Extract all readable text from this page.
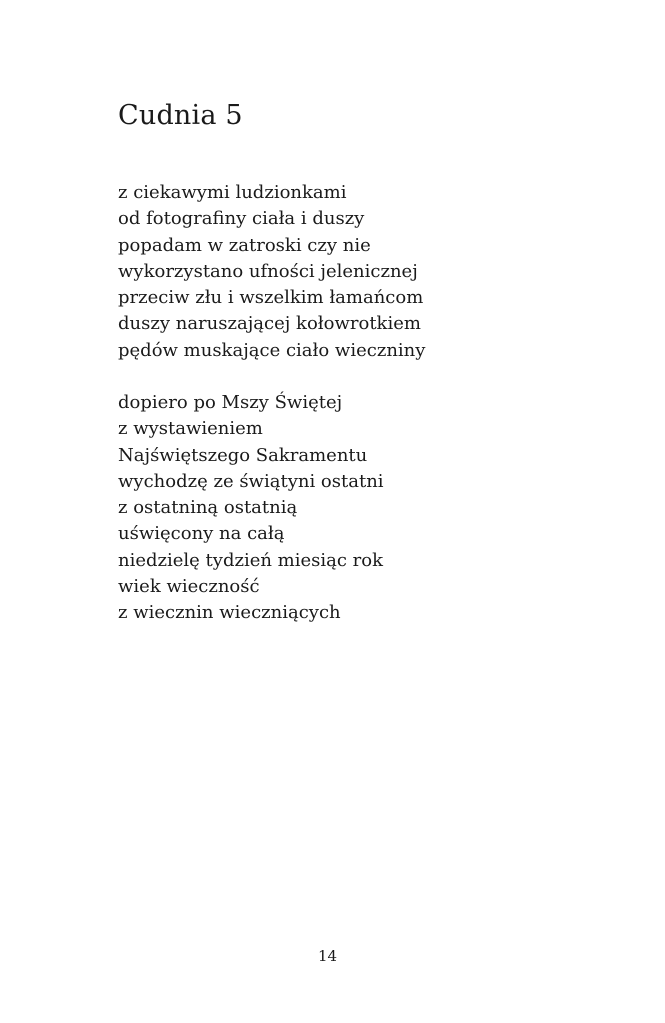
Cudnia 5
z ciekawymi ludzionkami
od fotografiny ciała i duszy
popadam w zatroski czy nie
wykorzystano ufności jelenicznej
przeciw złu i wszelkim łamańcom
duszy naruszającej kołowrotkiem
pędów muskające ciało wieczniny
dopiero po Mszy Świętej
z wystawieniem
Najświętszego Sakramentu
wychodzę ze świątyni ostatni
z ostatniną ostatnią
uświęcony na całą
niedzielę tydzień miesiąc rok
wiek wieczność
z wiecznin wieczniących
14
